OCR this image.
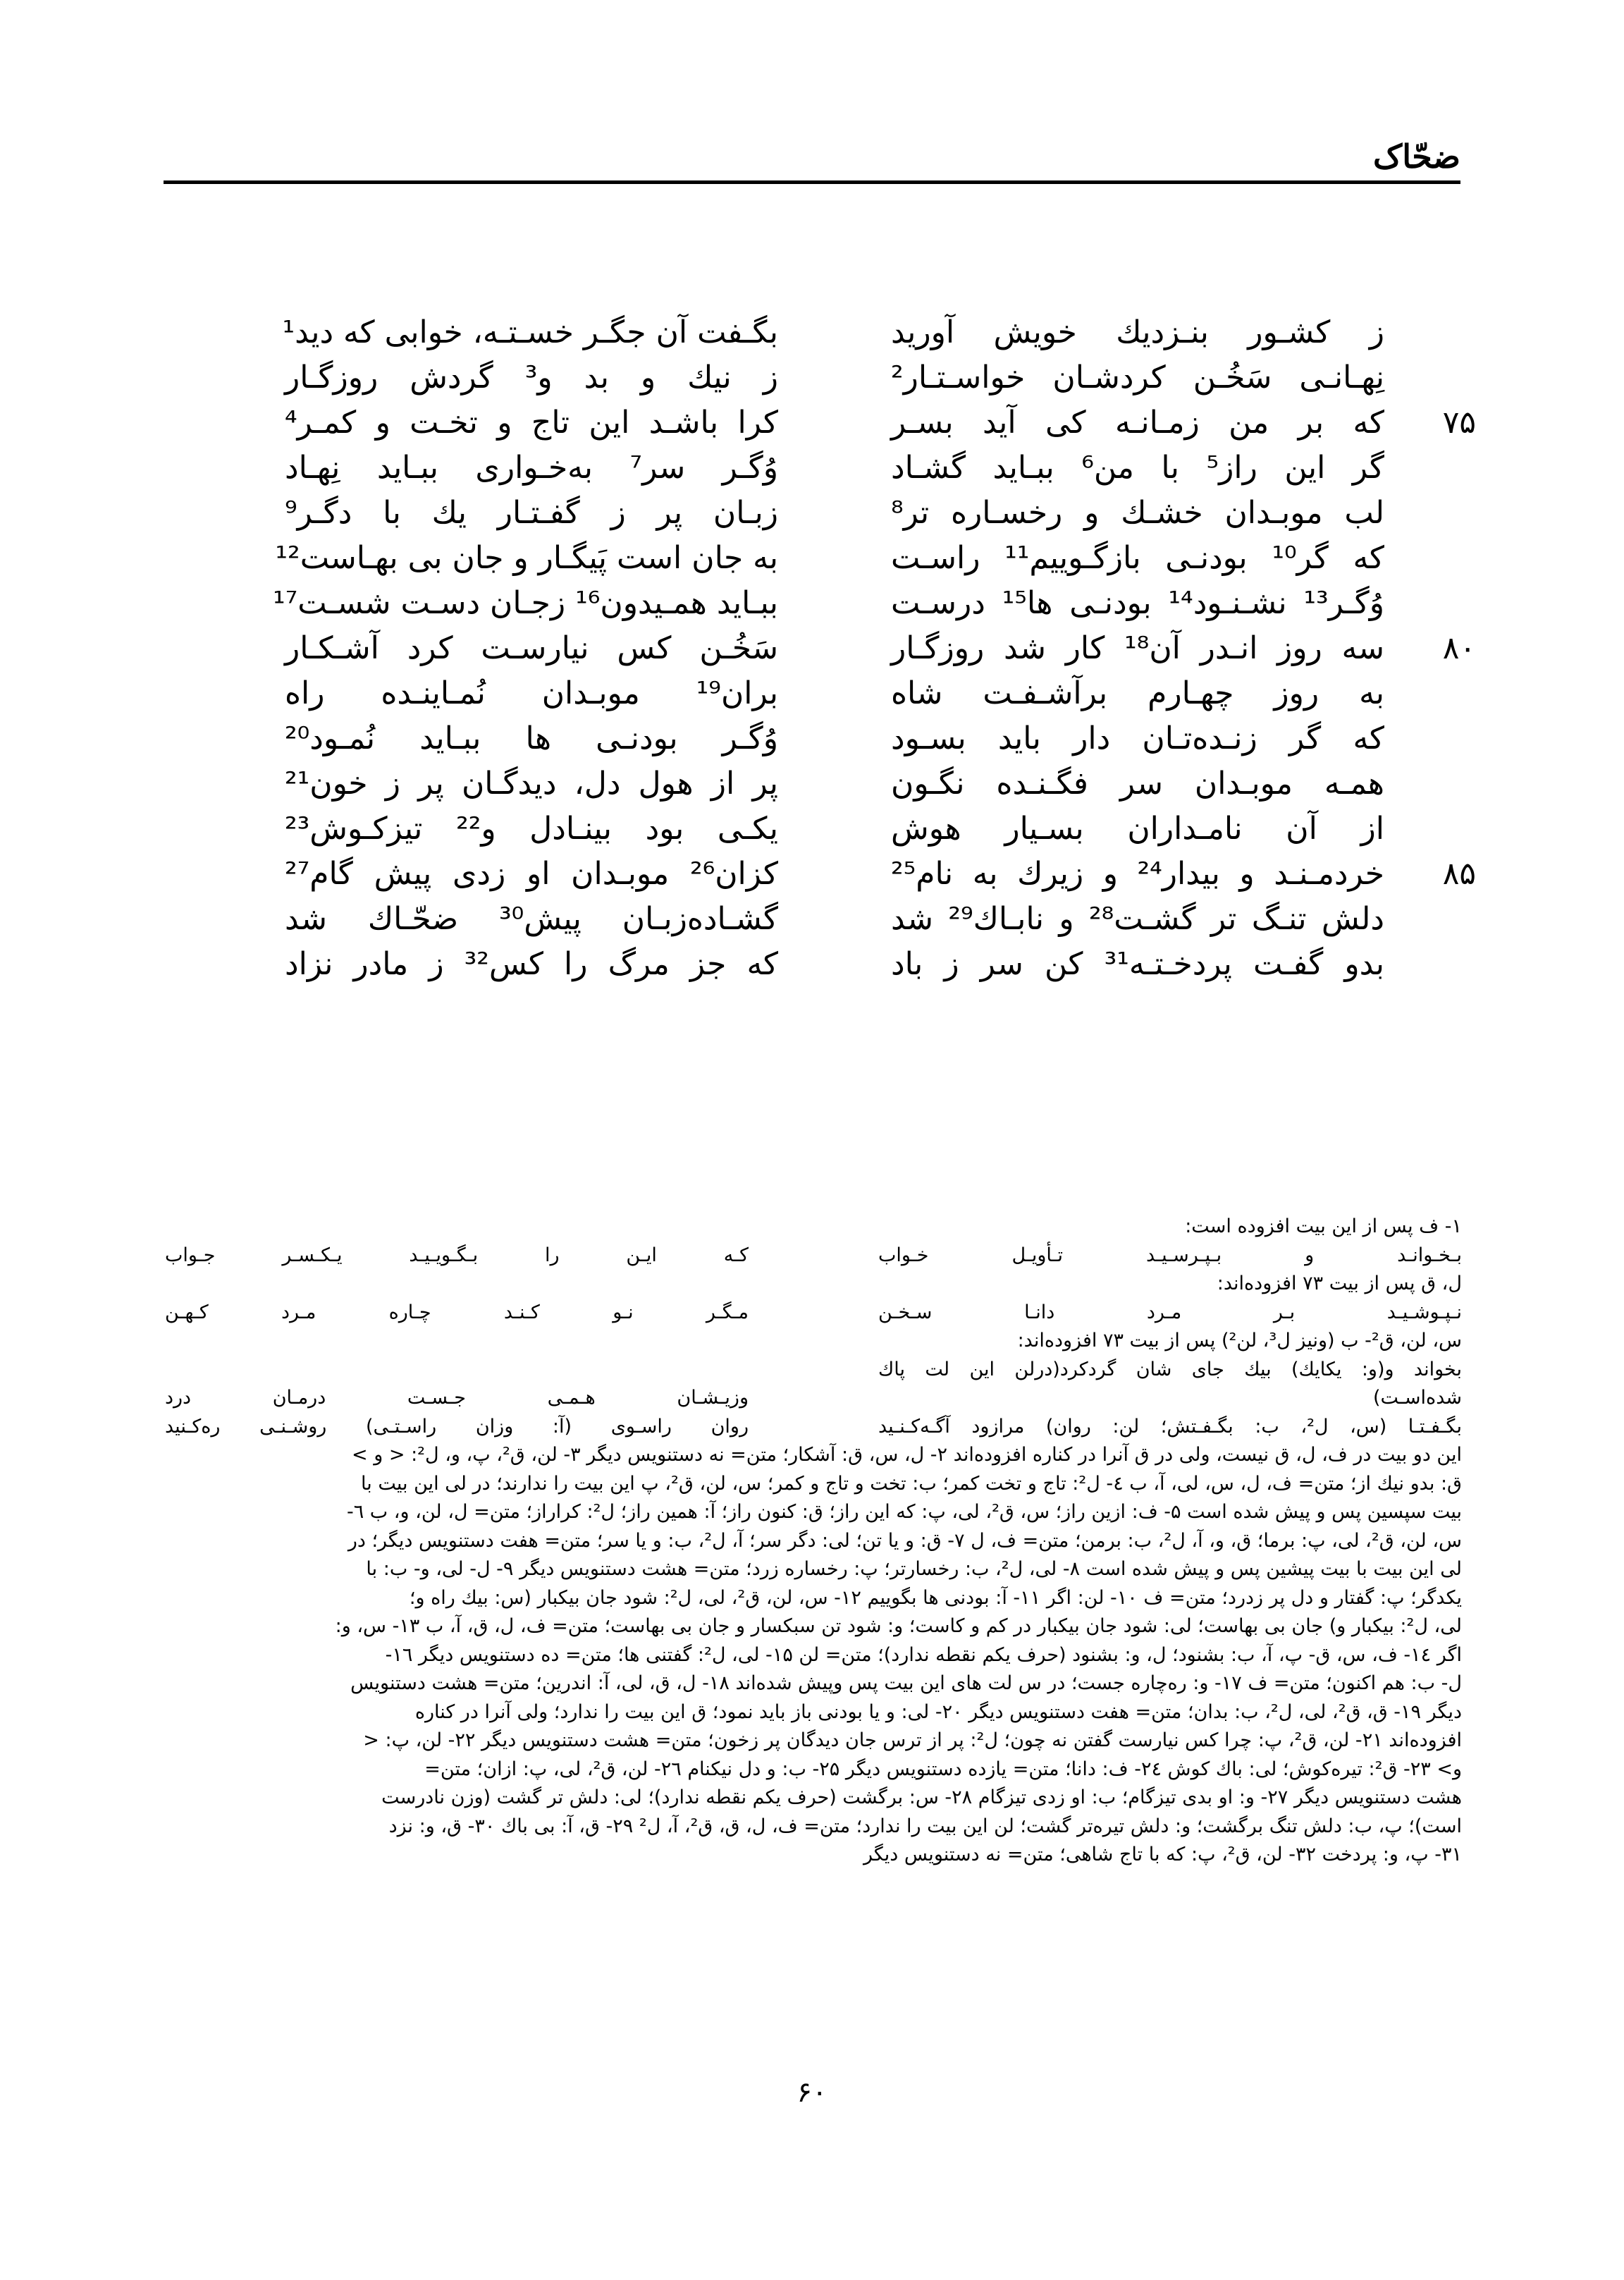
ضحّاک
ز کشـور بنـزدیك خویش آورید
نِهـانـی سَخُـن کردشـان خواسـتـار²
که بر من زمـانـه کی آید بسـر	۷۵
گر این راز⁵ با من⁶ ببـاید گشـاد
لب موبـدان خشـك و رخسـاره تر⁸
که گر¹⁰ بودنـی بازگـوییم¹¹ راسـت
وُگـر¹³ نشـنـود¹⁴ بودنـی ها¹⁵ درسـت
سه روز انـدر آن¹⁸ کار شد روزگـار	۸۰
به روز چهـارم برآشـفـت شاه
که گر زنـده‌تـان دار باید بسـود
همـه موبـدان سر فگـنـده نگـون
از آن نامـداران بسـیار هوش
خردمـنـد و بیدار²⁴ و زیرك به نام²⁵	۸۵
دلش تنـگ تر گشـت²⁸ و نابـاك²⁹ شد
بدو گفـت پردخـتـه³¹ کن سر ز باد
بگـفت آن جگـر خسـتـه، خوابی که دید¹
ز نیك و بد و³ گردش روزگـار
کرا باشـد این تاج و تخـت و کمـر⁴
وُگـر سر⁷ به‌خـواری ببـاید نِهـاد
زبـان پر ز گفـتـار یك با دگـر⁹
به جان است پَیگـار و جان بی بهـاست¹²
ببـاید همـیدون¹⁶ زجـان دسـت شسـت¹⁷
سَخُـن کس نیارسـت کرد آشـکـار
بران¹⁹ موبـدان نُمـاینـده راه
وُگـر بودنـی ها ببـاید نُمـود²⁰
پر از هول دل، دیدگـان پر ز خون²¹
یکـی بود بینـادل و²² تیزکـوش²³
کزان²⁶ موبـدان او زدی پیش گام²⁷
گشـاده‌زبـان پیش³⁰ ضحّـاك شد
که جز مرگ را کس³² ز مادر نزاد
۱- ف پس از این بیت افزوده است:
بـخـوانـد و بـپـرسـیـد تـأویـل خـواب
کـه ایـن را بـگـویـیـد یـکـسـر جـواب
ل، ق پس از بیت ۷۳ افزوده‌اند:
نـپـوشـیـد بـر مـرد دانـا سـخـن
مـگـر نـو کـنـد چـاره مـرد کـهـن
س، لن، ق²- ب (ونیز ل³، لن²) پس از بیت ۷۳ افزوده‌اند:
بخواند و(و: یکایك) بیك جای شان گردکرد(درلن این لت پاك
شده‌اسـت)
وزیـشـان هـمـی جـسـت درمـان درد
بگـفـتـا (س، ل²، ب: بگـفـتش؛ لن: روان) مرازود آگـه‌کـنـید
روان راسـوی (آ: وزان راسـتـی) روشـنـی ره‌کـنید
این دو بیت در ف، ل، ق نیست، ولی در ق آنرا در کناره افزوده‌اند ۲- ل، س، ق: آشکار؛ متن= نه دستنویس دیگر ۳- لن، ق²، پ، و، ل²: < و >
ق: بدو نیك از؛ متن= ف، ل، س، لی، آ، ب ٤- ل²: تاج و تخت کمر؛ ب: تخت و تاج و کمر؛ س، لن، ق²، پ این بیت را ندارند؛ در لی این بیت با
بیت سپسین پس و پیش شده است ۵- ف: ازین راز؛ س، ق²، لی، پ: که این راز؛ ق: کنون راز؛ آ: همین راز؛ ل²: کراراز؛ متن= ل، لن، و، ب ٦-
س، لن، ق²، لی، پ: برما؛ ق، و، آ، ل²، ب: برمن؛ متن= ف، ل ۷- ق: و یا تن؛ لی: دگر سر؛ آ، ل²، ب: و یا سر؛ متن= هفت دستنویس دیگر؛ در
لی این بیت با بیت پیشین پس و پیش شده است ۸- لی، ل²، ب: رخسارتر؛ پ: رخساره زرد؛ متن= هشت دستنویس دیگر ۹- ل- لی، و- ب: با
یکدگر؛ پ: گفتار و دل پر زدرد؛ متن= ف ۱۰- لن: اگر ۱۱- آ: بودنی ها بگوییم ۱۲- س، لن، ق²، لی، ل²: شود جان بیکبار (س: بیك راه و؛
لی، ل²: بیکبار و) جان بی بهاست؛ لی: شود جان بیکبار در کم و کاست؛ و: شود تن سبکسار و جان بی بهاست؛ متن= ف، ل، ق، آ، ب ۱۳- س، و:
اگر ١٤- ف، س، ق- پ، آ، ب: بشنود؛ ل، و: بشنود (حرف یکم نقطه ندارد)؛ متن= لن ۱۵- لی، ل²: گفتنی ها؛ متن= ده دستنویس دیگر ۱٦-
ل- ب: هم اکنون؛ متن= ف ۱۷- و: ره‌چاره جست؛ در س لت های این بیت پس وپیش شده‌اند ۱۸- ل، ق، لی، آ: اندرین؛ متن= هشت دستنویس
دیگر ۱۹- ق، ق²، لی، ل²، ب: بدان؛ متن= هفت دستنویس دیگر ۲۰- لی: و یا بودنی باز باید نمود؛ ق این بیت را ندارد؛ ولی آنرا در کناره
افزوده‌اند ۲۱- لن، ق²، پ: چرا کس نیارست گفتن نه چون؛ ل²: پر از ترس جان دیدگان پر زخون؛ متن= هشت دستنویس دیگر ۲۲- لن، پ: <
و> ۲۳- ق²: تیره‌کوش؛ لی: باك کوش ۲٤- ف: دانا؛ متن= یازده دستنویس دیگر ۲۵- ب: و دل نیکنام ۲٦- لن، ق²، لی، پ: ازان؛ متن=
هشت دستنویس دیگر ۲۷- و: او بدی تیزگام؛ ب: او زدی تیزگام ۲۸- س: برگشت (حرف یکم نقطه ندارد)؛ لی: دلش تر گشت (وزن نادرست
است)؛ پ، ب: دلش تنگ برگشت؛ و: دلش تیره‌تر گشت؛ لن این بیت را ندارد؛ متن= ف، ل، ق، ق²، آ، ل² ۲۹- ق، آ: بی باك ۳۰- ق، و: نزد
۳۱- پ، و: پردخت ۳۲- لن، ق²، پ: که با تاج شاهی؛ متن= نه دستنویس دیگر
۶۰
